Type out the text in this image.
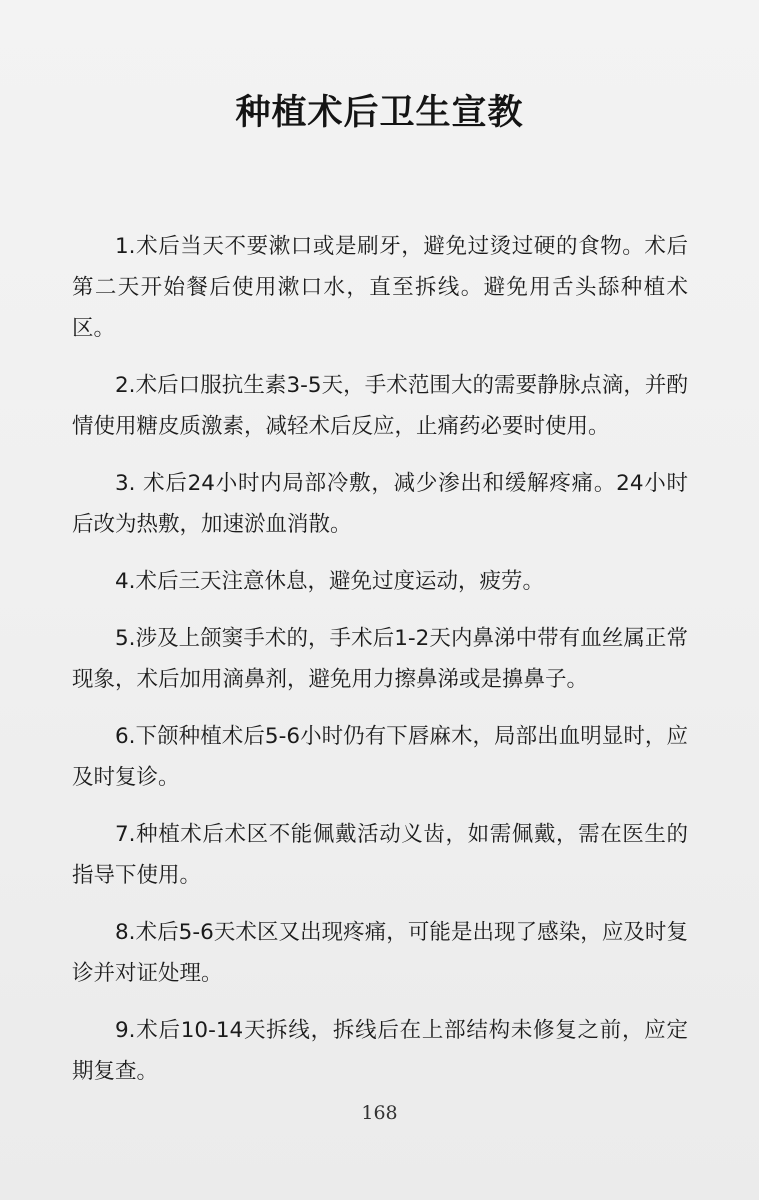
种植术后卫生宣教

1.术后当天不要漱口或是刷牙，避免过烫过硬的食物。术后第二天开始餐后使用漱口水，直至拆线。避免用舌头舔种植术区。

2.术后口服抗生素3-5天，手术范围大的需要静脉点滴，并酌情使用糖皮质激素，减轻术后反应，止痛药必要时使用。

3. 术后24小时内局部冷敷，减少渗出和缓解疼痛。24小时后改为热敷，加速淤血消散。

4.术后三天注意休息，避免过度运动，疲劳。

5.涉及上颌窦手术的，手术后1-2天内鼻涕中带有血丝属正常现象，术后加用滴鼻剂，避免用力擦鼻涕或是擤鼻子。

6.下颌种植术后5-6小时仍有下唇麻木，局部出血明显时，应及时复诊。

7.种植术后术区不能佩戴活动义齿，如需佩戴，需在医生的指导下使用。

8.术后5-6天术区又出现疼痛，可能是出现了感染，应及时复诊并对证处理。

9.术后10-14天拆线，拆线后在上部结构未修复之前，应定期复查。

168
